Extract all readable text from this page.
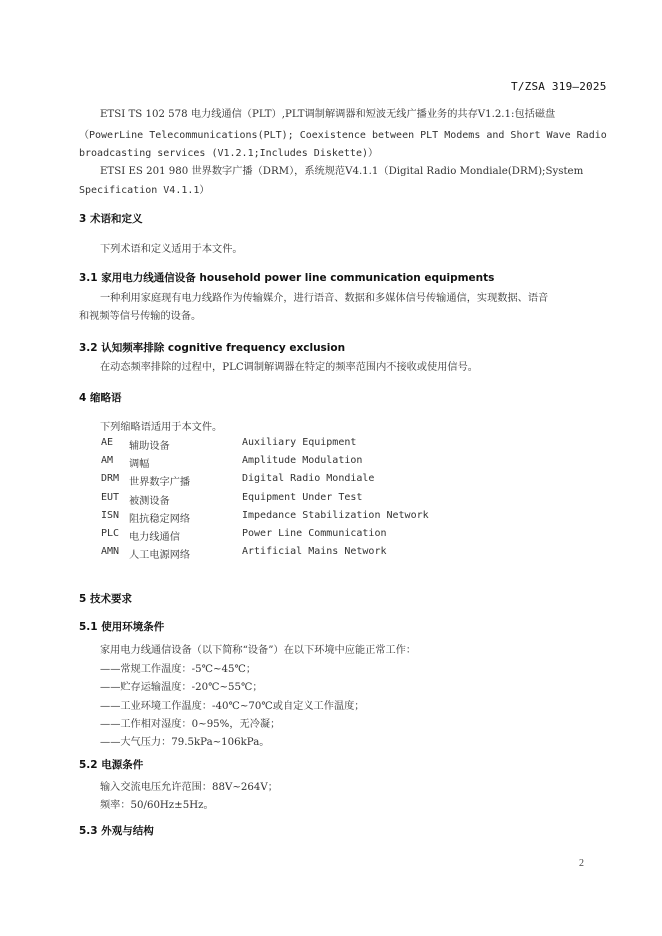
T/ZSA 319—2025
ETSI TS 102 578 电力线通信（PLT）,PLT调制解调器和短波无线广播业务的共存V1.2.1:包括磁盘
（PowerLine Telecommunications(PLT); Coexistence between PLT Modems and Short Wave Radio
broadcasting services (V1.2.1;Includes Diskette)）
ETSI ES 201 980 世界数字广播（DRM），系统规范V4.1.1（Digital Radio Mondiale(DRM);System
Specification V4.1.1）
3 术语和定义
下列术语和定义适用于本文件。
3.1 家用电力线通信设备 household power line communication equipments
一种利用家庭现有电力线路作为传输媒介，进行语音、数据和多媒体信号传输通信，实现数据、语音
和视频等信号传输的设备。
3.2 认知频率排除 cognitive frequency exclusion
在动态频率排除的过程中，PLC调制解调器在特定的频率范围内不接收或使用信号。
4 缩略语
下列缩略语适用于本文件。
AE 辅助设备	Auxiliary Equipment
AM 调幅	Amplitude Modulation
DRM 世界数字广播	Digital Radio Mondiale
EUT 被测设备	Equipment Under Test
ISN 阻抗稳定网络	Impedance Stabilization Network
PLC 电力线通信	Power Line Communication
AMN 人工电源网络	Artificial Mains Network
5 技术要求
5.1 使用环境条件
家用电力线通信设备（以下简称“设备”）在以下环境中应能正常工作：
——常规工作温度：-5℃~45℃；
——贮存运输温度：-20℃~55℃；
——工业环境工作温度：-40℃~70℃或自定义工作温度；
——工作相对湿度：0~95%，无冷凝；
——大气压力：79.5kPa~106kPa。
5.2 电源条件
输入交流电压允许范围：88V~264V；
频率：50/60Hz±5Hz。
5.3 外观与结构
2
